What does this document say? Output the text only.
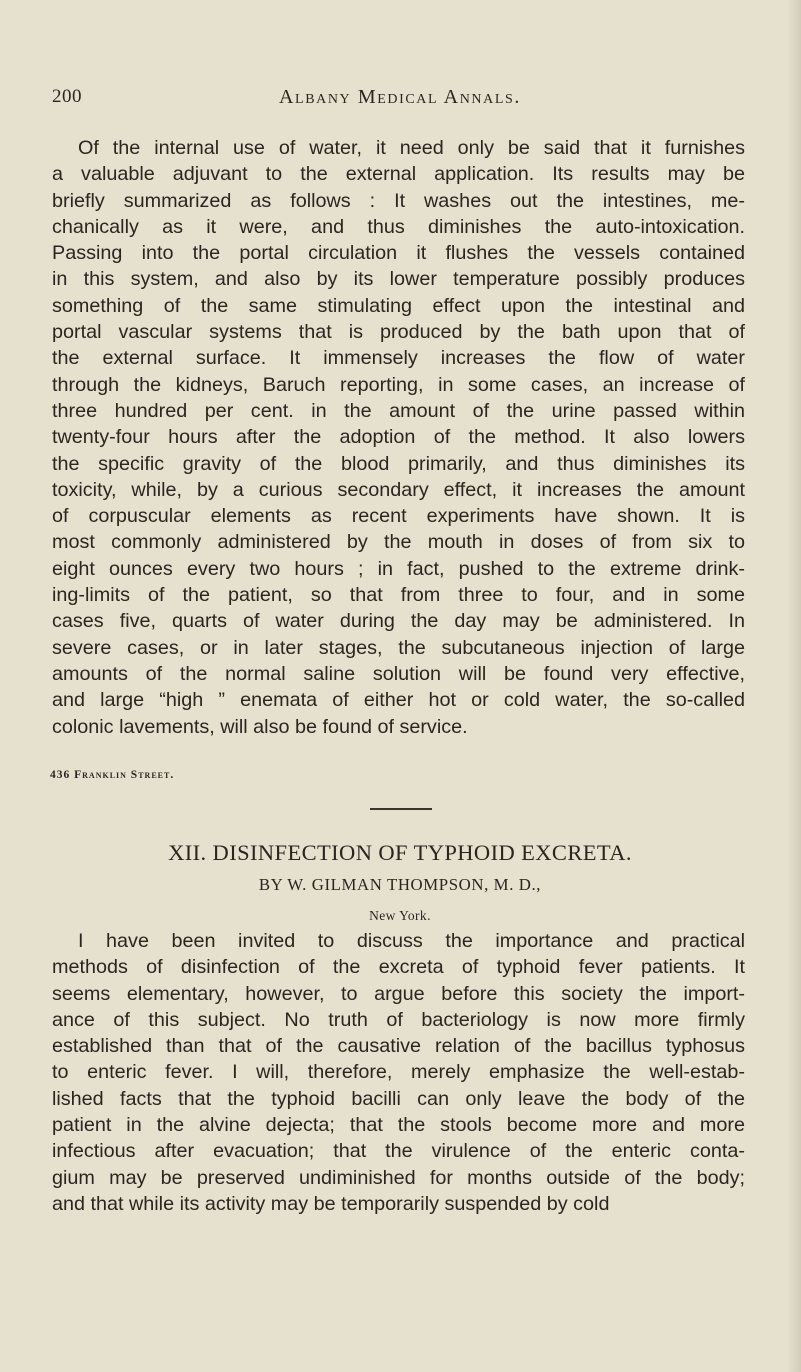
200	Albany Medical Annals.
Of the internal use of water, it need only be said that it furnishes
a valuable adjuvant to the external application. Its results may be
briefly summarized as follows : It washes out the intestines, me-
chanically as it were, and thus diminishes the auto-intoxication.
Passing into the portal circulation it flushes the vessels contained
in this system, and also by its lower temperature possibly produces
something of the same stimulating effect upon the intestinal and
portal vascular systems that is produced by the bath upon that of
the external surface. It immensely increases the flow of water
through the kidneys, Baruch reporting, in some cases, an increase of
three hundred per cent. in the amount of the urine passed within
twenty-four hours after the adoption of the method. It also lowers
the specific gravity of the blood primarily, and thus diminishes its
toxicity, while, by a curious secondary effect, it increases the amount
of corpuscular elements as recent experiments have shown. It is
most commonly administered by the mouth in doses of from six to
eight ounces every two hours ; in fact, pushed to the extreme drink-
ing-limits of the patient, so that from three to four, and in some
cases five, quarts of water during the day may be administered. In
severe cases, or in later stages, the subcutaneous injection of large
amounts of the normal saline solution will be found very effective,
and large “high ” enemata of either hot or cold water, the so-called
colonic lavements, will also be found of service.
436 Franklin Street.
XII. DISINFECTION OF TYPHOID EXCRETA.
BY W. GILMAN THOMPSON, M. D.,
New York.
I have been invited to discuss the importance and practical
methods of disinfection of the excreta of typhoid fever patients. It
seems elementary, however, to argue before this society the import-
ance of this subject. No truth of bacteriology is now more firmly
established than that of the causative relation of the bacillus typhosus
to enteric fever. I will, therefore, merely emphasize the well-estab-
lished facts that the typhoid bacilli can only leave the body of the
patient in the alvine dejecta; that the stools become more and more
infectious after evacuation; that the virulence of the enteric conta-
gium may be preserved undiminished for months outside of the body;
and that while its activity may be temporarily suspended by cold
